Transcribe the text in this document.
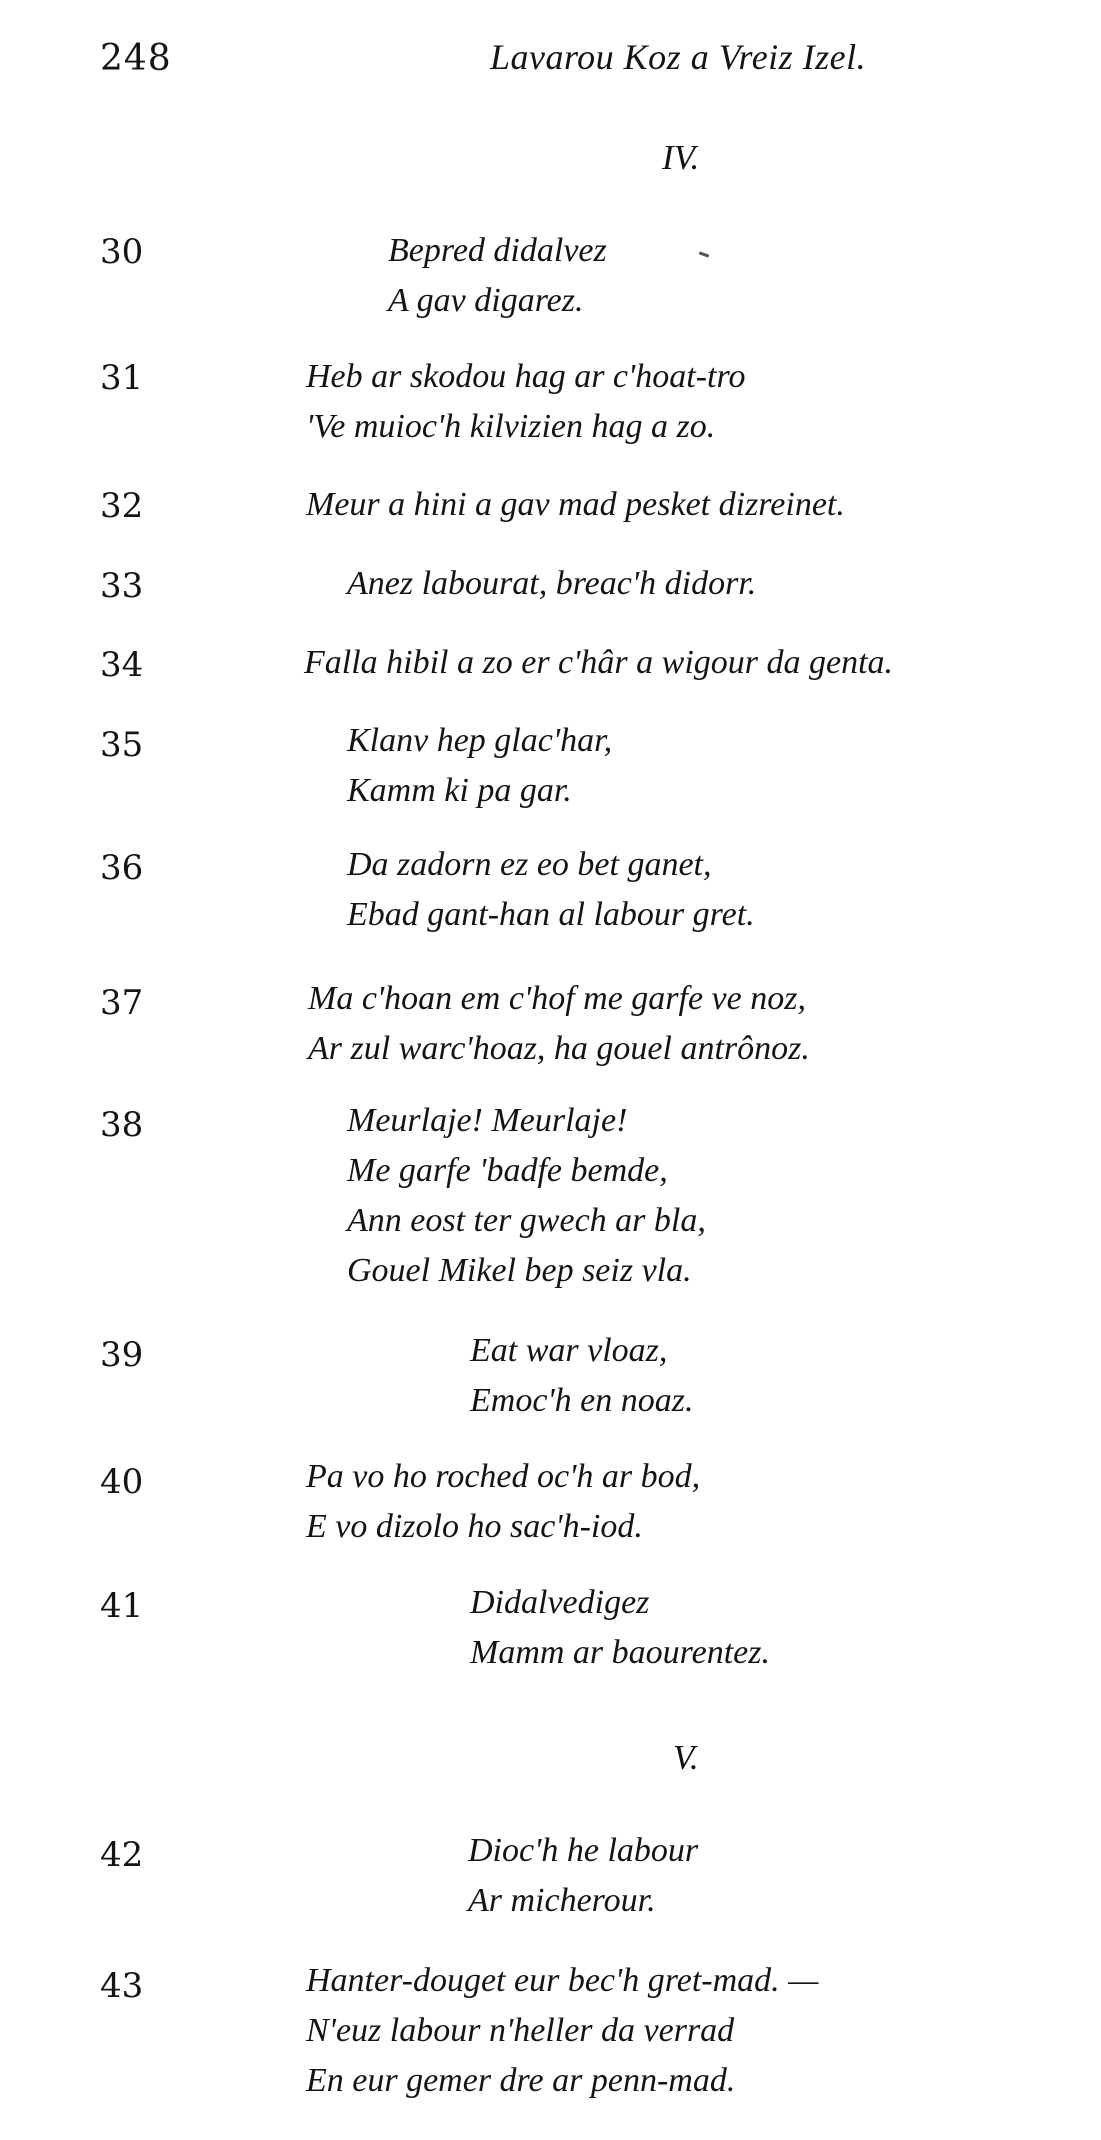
248	Lavarou Koz a Vreiz Izel.
IV.
30	Bepred didalvez
A gav digarez.
31	Heb ar skodou hag ar c'hoat-tro
'Ve muioc'h kilvizien hag a zo.
32	Meur a hini a gav mad pesket dizreinet.
33	Anez labourat, breac'h didorr.
34	Falla hibil a zo er c'hâr a wigour da genta.
35	Klanv hep glac'har,
Kamm ki pa gar.
36	Da zadorn ez eo bet ganet,
Ebad gant-han al labour gret.
37	Ma c'hoan em c'hof me garfe ve noz,
Ar zul warc'hoaz, ha gouel antrônoz.
38	Meurlaje! Meurlaje!
Me garfe 'badfe bemde,
Ann eost ter gwech ar bla,
Gouel Mikel bep seiz vla.
39	Eat war vloaz,
Emoc'h en noaz.
40	Pa vo ho roched oc'h ar bod,
E vo dizolo ho sac'h-iod.
41	Didalvedigez
Mamm ar baourentez.
V.
42	Dioc'h he labour
Ar micherour.
43	Hanter-douget eur bec'h gret-mad. —
N'euz labour n'heller da verrad
En eur gemer dre ar penn-mad.
